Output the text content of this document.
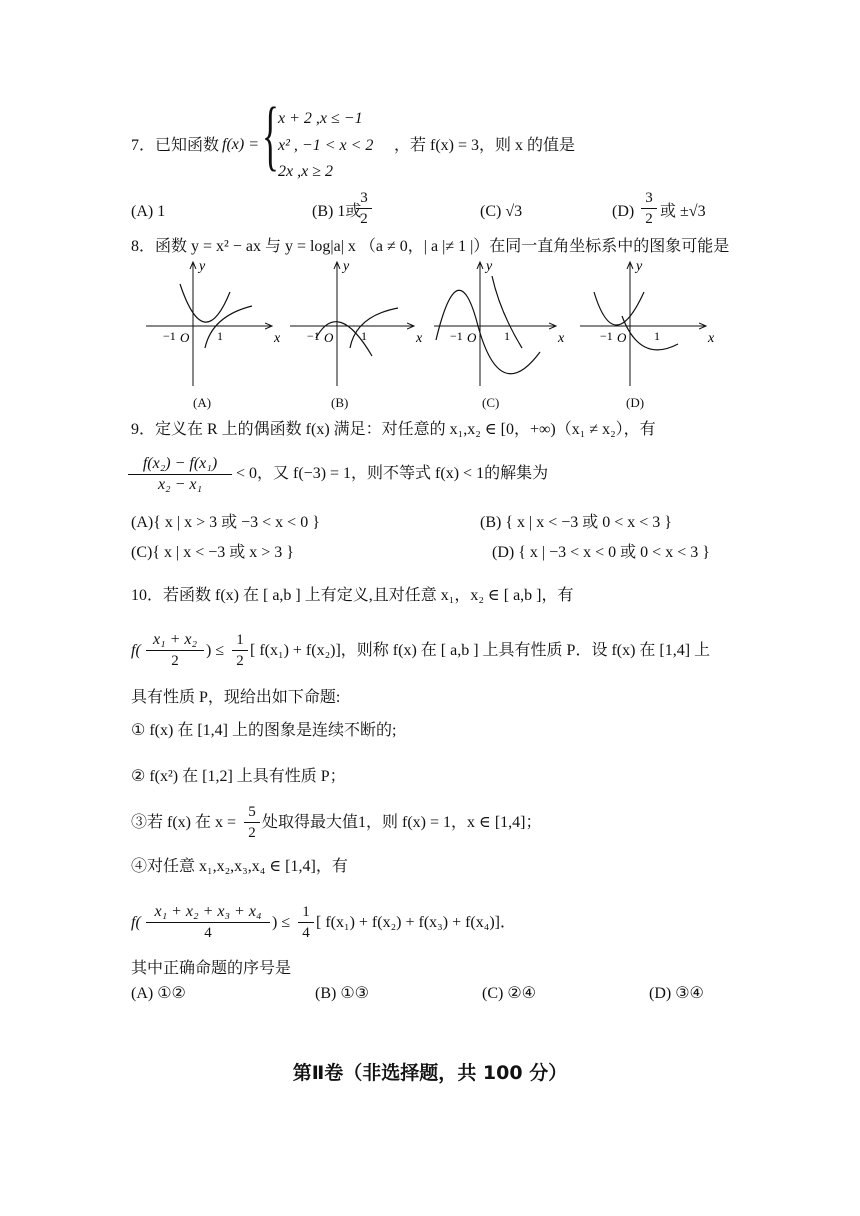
{
7．已知函数 f(x) =
x + 2 ,x ≤ −1
x² , −1 < x < 2
2x ,x ≥ 2
，若 f(x) = 3，则 x 的值是
(A) 1	(B) 1或
$\frac{3}{2}$	(C) √3	$(D) \frac{3}{2}$ 或 ±√3
8．函数 y = x² − ax 与 y = log|a| x （a ≠ 0，| a |≠ 1 |）在同一直角坐标系中的图象可能是
x
y
O
−1	1	x
y
O
−1	1	x
y
O
−1	1	x
y
O
−1	1
(A)	(B)	(C)	(D)
9．定义在 R 上的偶函数 f(x) 满足：对任意的 x₁,x₂ ∈ [0，+∞)（x₁ ≠ x₂），有
$\frac{\text{f(x₂) − f(x₁)}}{\text{x₂ − x₁}} < 0$，又 f(−3) = 1，则不等式 f(x) < 1的解集为
(A){ x | x > 3 或 −3 < x < 0 }	(B) { x | x < −3 或 0 < x < 3 }
(C){ x | x < −3 或 x > 3 }	(D) { x | −3 < x < 0 或 0 < x < 3 }
10．若函数 f(x) 在 [ a,b ] 上有定义,且对任意 x₁，x₂ ∈ [ a,b ]，有
$f( \frac{\text{x₁ + x₂}}{2}$ ) ≤ $\frac{1}{2}$ [ f(x₁) + f(x₂)]，则称 f(x) 在 [ a,b ] 上具有性质 P．设 f(x) 在 [1,4] 上
具有性质 P，现给出如下命题:
① f(x) 在 [1,4] 上的图象是连续不断的;
② f(x²) 在 [1,2] 上具有性质 P；
③若 f(x) 在 $x = \frac{5}{2}$ 处取得最大值1，则 f(x) = 1，x ∈ [1,4]；
④对任意 x₁,x₂,x₃,x₄ ∈ [1,4]，有
$f( \frac{\text{x₁ + x₂ + x₃ + x₄}}{4}$ ) ≤ $\frac{1}{4}$ [ f(x₁) + f(x₂) + f(x₃) + f(x₄)]．
其中正确命题的序号是
(A) ①②	(B) ①③	(C) ②④	(D) ③④
第Ⅱ卷（非选择题，共 100 分）
